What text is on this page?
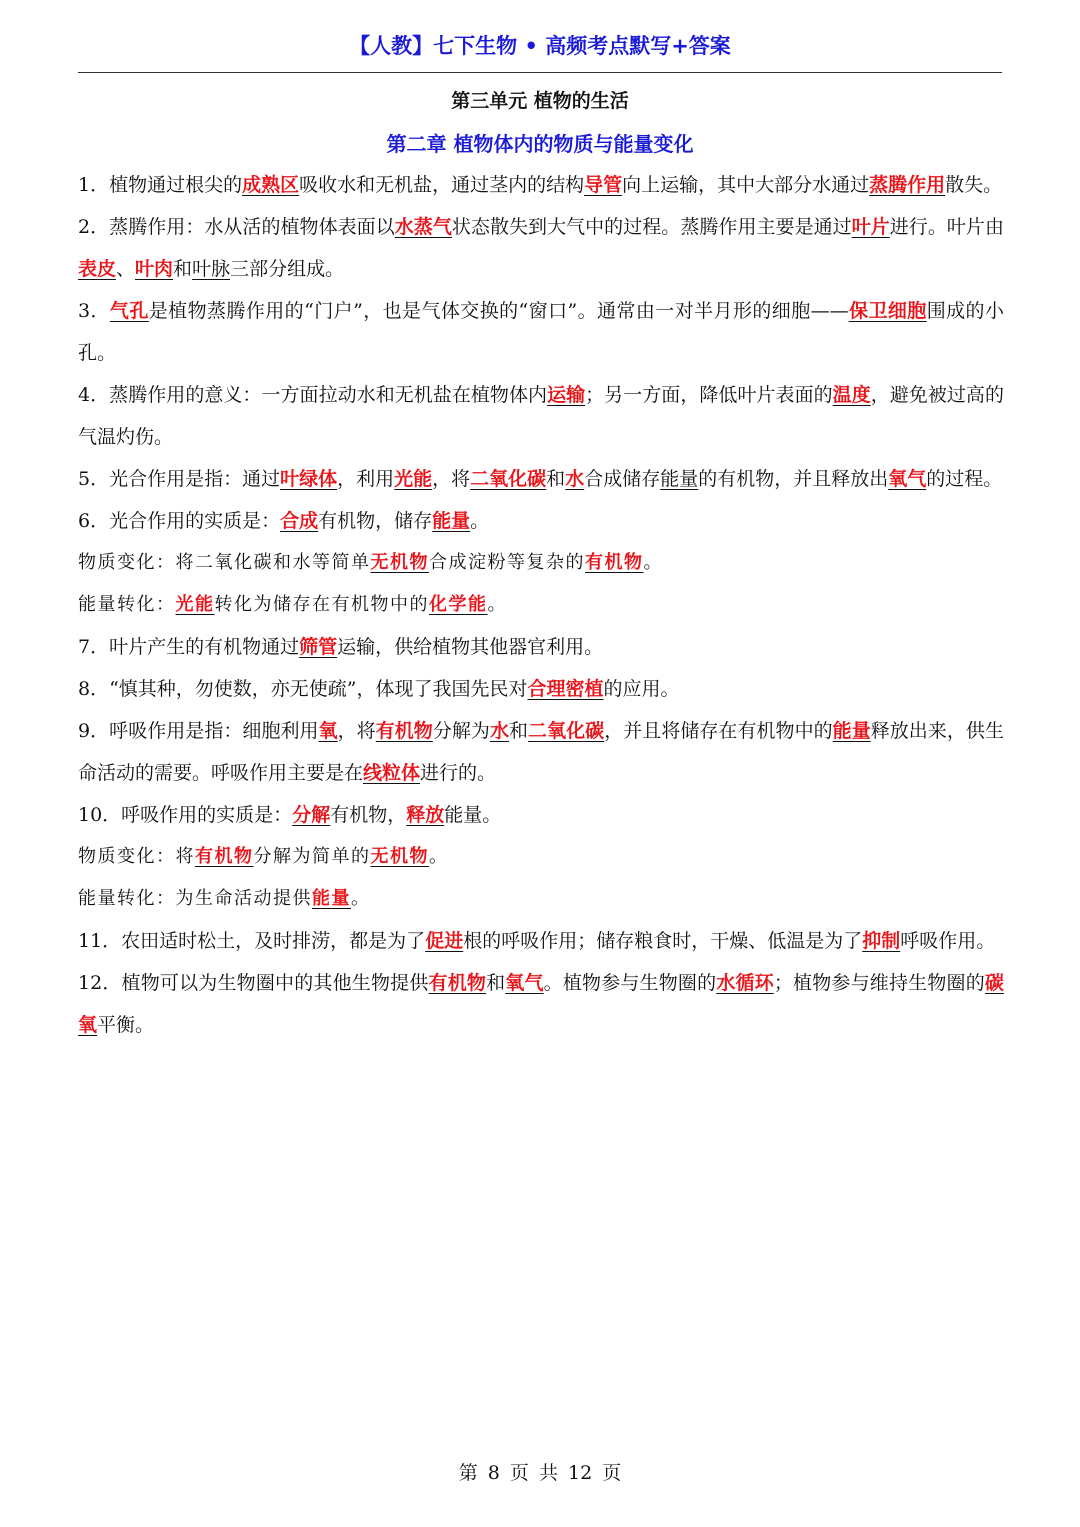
【人教】七下生物 • 高频考点默写+答案
第三单元 植物的生活
第二章 植物体内的物质与能量变化

1．植物通过根尖的成熟区吸收水和无机盐，通过茎内的结构导管向上运输，其中大部分水通过蒸腾作用散失。

2．蒸腾作用：水从活的植物体表面以水蒸气状态散失到大气中的过程。蒸腾作用主要是通过叶片进行。叶片由表皮、叶肉和叶脉三部分组成。

3．气孔是植物蒸腾作用的“门户”，也是气体交换的“窗口”。通常由一对半月形的细胞——保卫细胞围成的小孔。

4．蒸腾作用的意义：一方面拉动水和无机盐在植物体内运输；另一方面，降低叶片表面的温度，避免被过高的气温灼伤。

5．光合作用是指：通过叶绿体，利用光能，将二氧化碳和水合成储存能量的有机物，并且释放出氧气的过程。

6．光合作用的实质是：合成有机物，储存能量。

物质变化：将二氧化碳和水等简单无机物合成淀粉等复杂的有机物。

能量转化：光能转化为储存在有机物中的化学能。

7．叶片产生的有机物通过筛管运输，供给植物其他器官利用。

8．“慎其种，勿使数，亦无使疏”，体现了我国先民对合理密植的应用。

9．呼吸作用是指：细胞利用氧，将有机物分解为水和二氧化碳，并且将储存在有机物中的能量释放出来，供生命活动的需要。呼吸作用主要是在线粒体进行的。

10．呼吸作用的实质是：分解有机物，释放能量。

物质变化：将有机物分解为简单的无机物。

能量转化：为生命活动提供能量。

11．农田适时松土，及时排涝，都是为了促进根的呼吸作用；储存粮食时，干燥、低温是为了抑制呼吸作用。

12．植物可以为生物圈中的其他生物提供有机物和氧气。植物参与生物圈的水循环；植物参与维持生物圈的碳氧平衡。

第 8 页 共 12 页
